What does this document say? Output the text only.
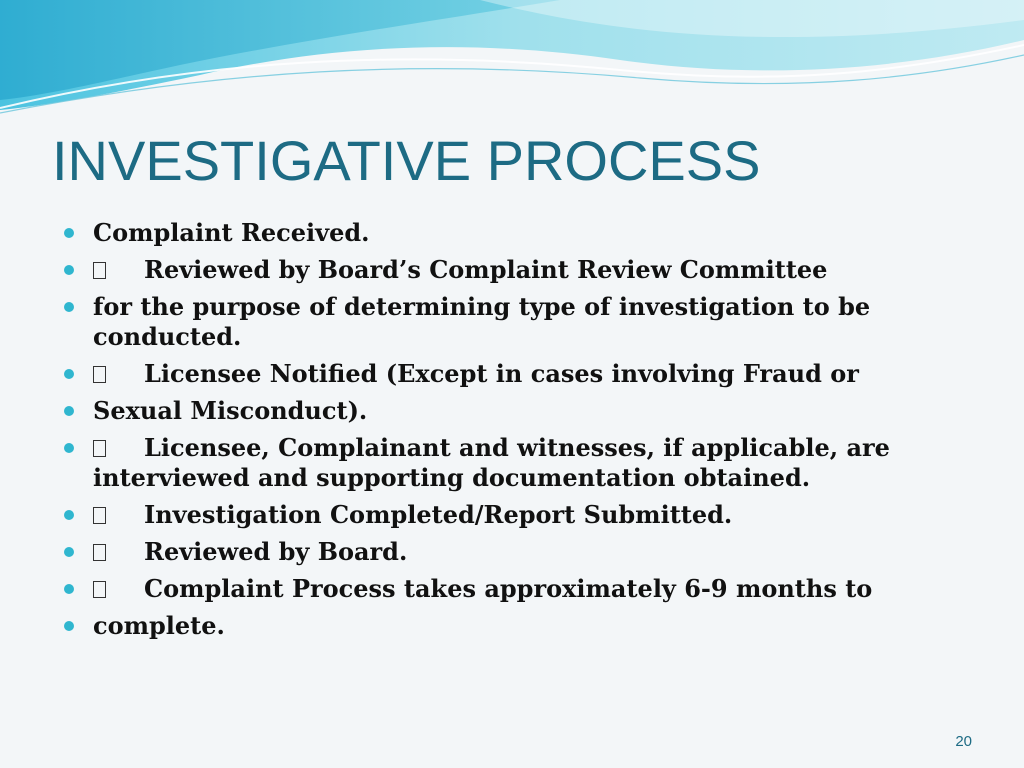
INVESTIGATIVE PROCESS
Complaint Received.
Reviewed by Board’s Complaint Review Committee
for the purpose of determining type of investigation to be conducted.
Licensee Notified (Except in cases involving Fraud or
Sexual Misconduct).
Licensee, Complainant and witnesses, if applicable, are interviewed and supporting documentation obtained.
Investigation Completed/Report Submitted.
Reviewed by Board.
Complaint Process takes approximately 6-9 months to
complete.
20
